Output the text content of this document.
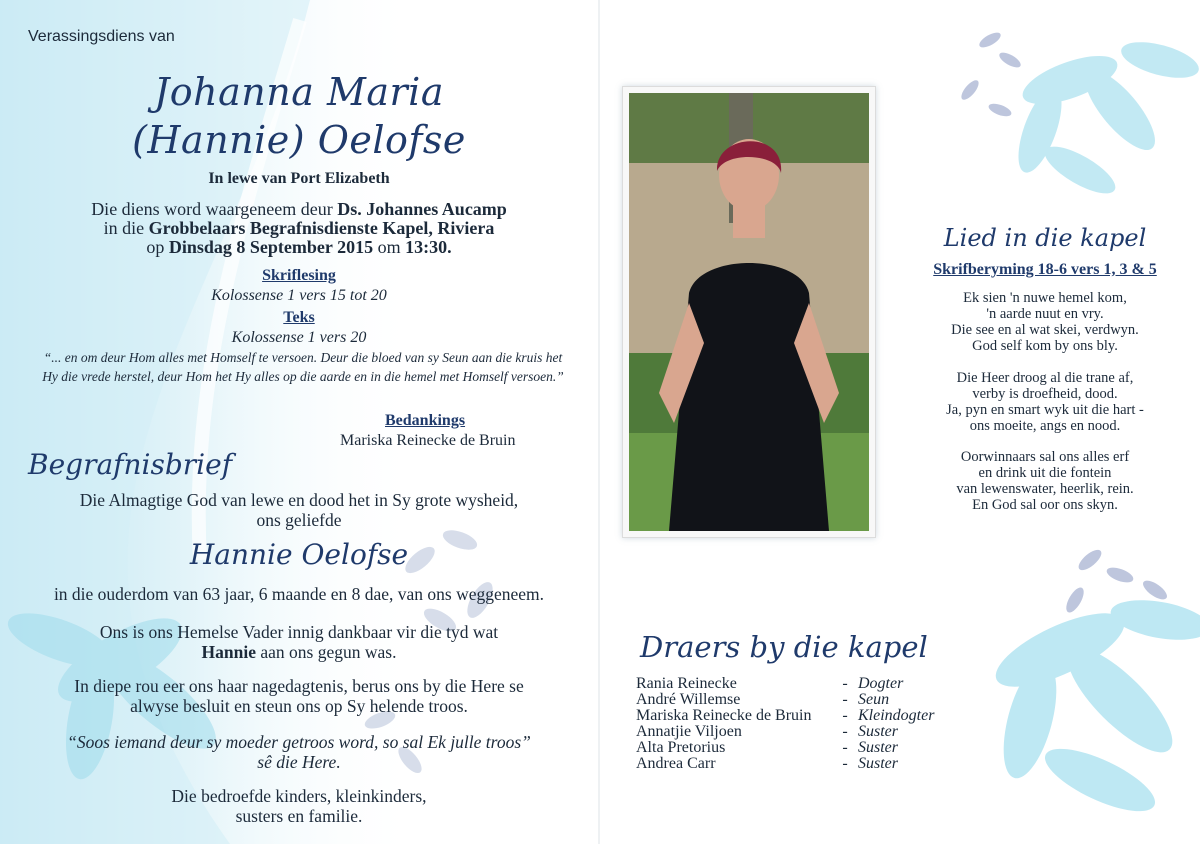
Verassingsdiens van
Johanna Maria
(Hannie) Oelofse
In lewe van Port Elizabeth
Die diens word waargeneem deur Ds. Johannes Aucamp
in die Grobbelaars Begrafnisdienste Kapel, Riviera
op Dinsdag 8 September 2015 om 13:30.
Skriflesing
Kolossense 1 vers 15 tot 20
Teks
Kolossense 1 vers 20
“... en om deur Hom alles met Homself te versoen. Deur die bloed van sy Seun aan die kruis het
Hy die vrede herstel, deur Hom het Hy alles op die aarde en in die hemel met Homself versoen.”
Bedankings
Mariska Reinecke de Bruin
Begrafnisbrief
Die Almagtige God van lewe en dood het in Sy grote wysheid,
ons geliefde
Hannie Oelofse
in die ouderdom van 63 jaar, 6 maande en 8 dae, van ons weggeneem.
Ons is ons Hemelse Vader innig dankbaar vir die tyd wat
Hannie aan ons gegun was.
In diepe rou eer ons haar nagedagtenis, berus ons by die Here se
alwyse besluit en steun ons op Sy helende troos.
“Soos iemand deur sy moeder getroos word, so sal Ek julle troos”
sê die Here.
Die bedroefde kinders, kleinkinders,
susters en familie.
Lied in die kapel
Skrifberyming 18-6 vers 1, 3 & 5
Ek sien 'n nuwe hemel kom,
'n aarde nuut en vry.
Die see en al wat skei, verdwyn.
God self kom by ons bly.
Die Heer droog al die trane af,
verby is droefheid, dood.
Ja, pyn en smart wyk uit die hart -
ons moeite, angs en nood.
Oorwinnaars sal ons alles erf
en drink uit die fontein
van lewenswater, heerlik, rein.
En God sal oor ons skyn.
Draers by die kapel
Rania Reinecke	- Dogter
André Willemse	- Seun
Mariska Reinecke de Bruin	- Kleindogter
Annatjie Viljoen	- Suster
Alta Pretorius	- Suster
Andrea Carr	- Suster
